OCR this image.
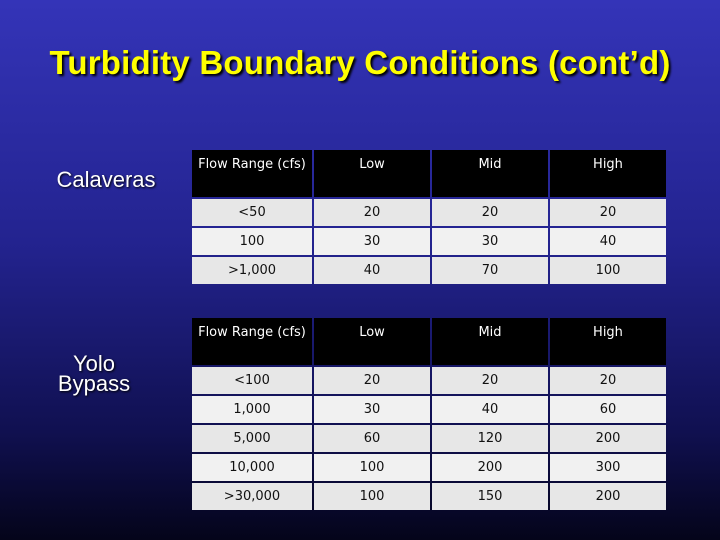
Turbidity Boundary Conditions (cont’d)
Calaveras
Yolo
Bypass
Flow Range (cfs)	Low	Mid	High
<50	20	20	20
100	30	30	40
>1,000	40	70	100
Flow Range (cfs)	Low	Mid	High
<100	20	20	20
1,000	30	40	60
5,000	60	120	200
10,000	100	200	300
>30,000	100	150	200
